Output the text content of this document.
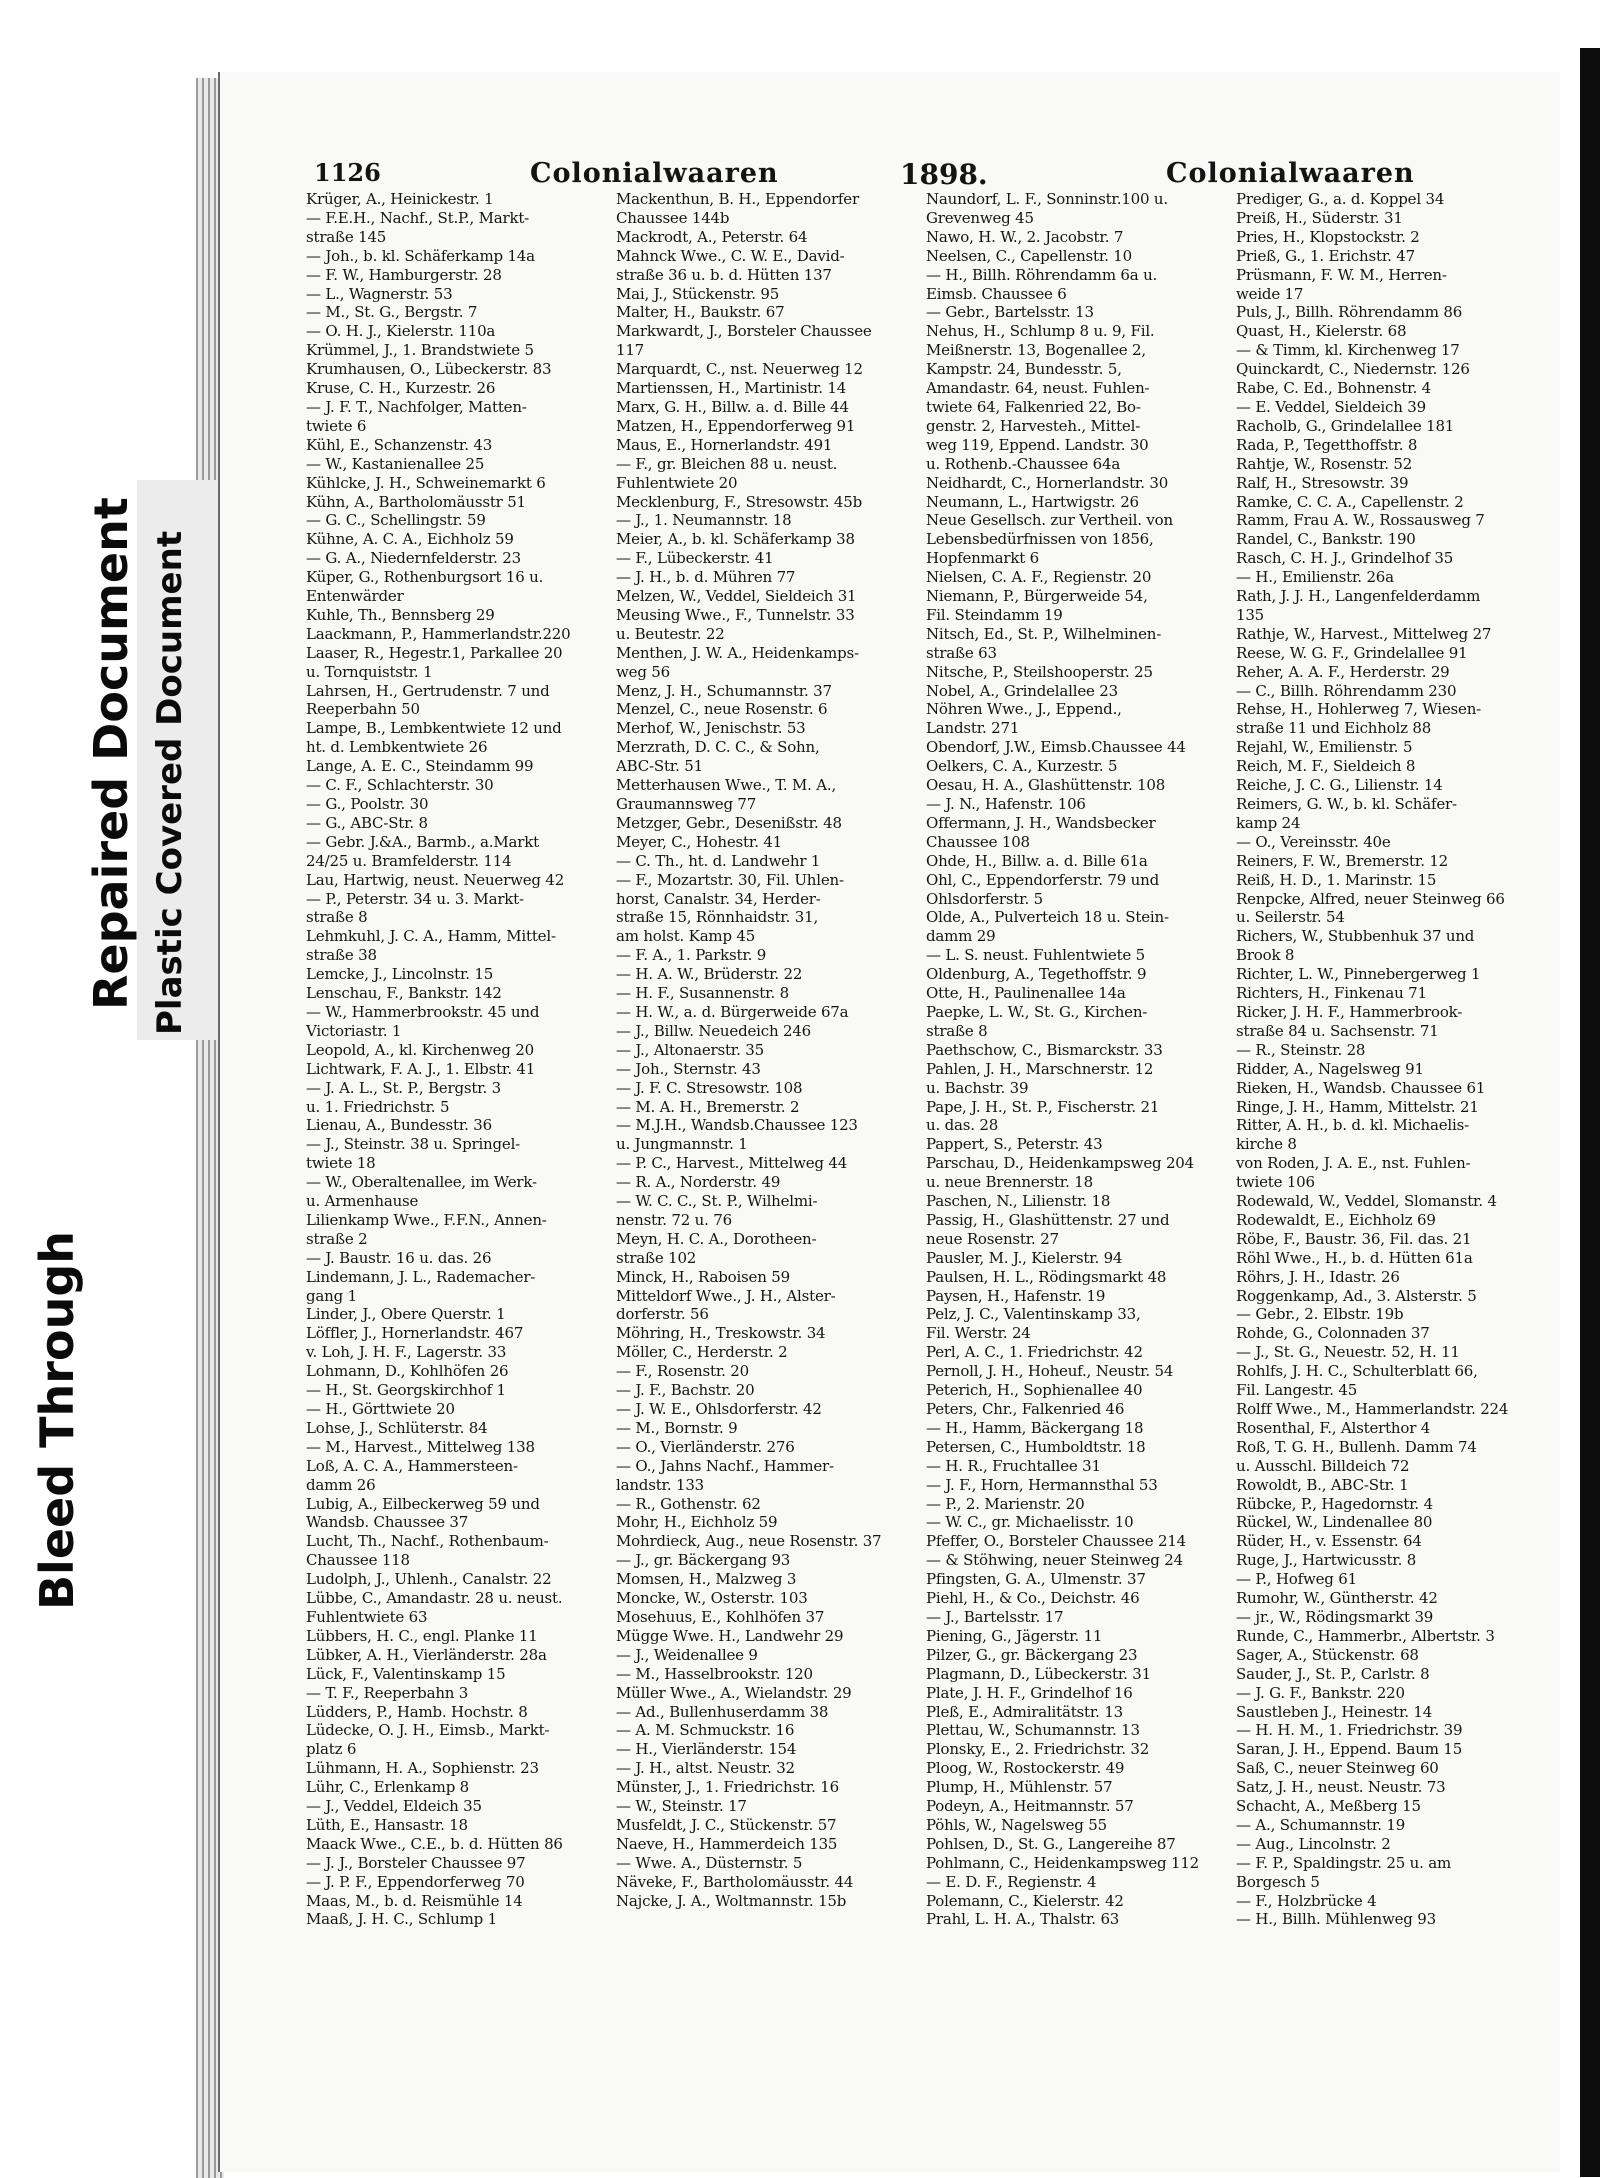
Bleed Through
Repaired Document Plastic Covered Document
1126	Colonialwaaren	1898.	Colonialwaaren
Krüger, A., Heinickestr. 1
— F.E.H., Nachf., St.P., Markt-
straße 145
— Joh., b. kl. Schäferkamp 14a
— F. W., Hamburgerstr. 28
— L., Wagnerstr. 53
— M., St. G., Bergstr. 7
— O. H. J., Kielerstr. 110a
Krümmel, J., 1. Brandstwiete 5
Krumhausen, O., Lübeckerstr. 83
Kruse, C. H., Kurzestr. 26
— J. F. T., Nachfolger, Matten-
twiete 6
Kühl, E., Schanzenstr. 43
— W., Kastanienallee 25
Kühlcke, J. H., Schweinemarkt 6
Kühn, A., Bartholomäusstr 51
— G. C., Schellingstr. 59
Kühne, A. C. A., Eichholz 59
— G. A., Niedernfelderstr. 23
Küper, G., Rothenburgsort 16 u.
Entenwärder
Kuhle, Th., Bennsberg 29
Laackmann, P., Hammerlandstr.220
Laaser, R., Hegestr.1, Parkallee 20
u. Tornquiststr. 1
Lahrsen, H., Gertrudenstr. 7 und
Reeperbahn 50
Lampe, B., Lembkentwiete 12 und
ht. d. Lembkentwiete 26
Lange, A. E. C., Steindamm 99
— C. F., Schlachterstr. 30
— G., Poolstr. 30
— G., ABC-Str. 8
— Gebr. J.&A., Barmb., a.Markt
24/25 u. Bramfelderstr. 114
Lau, Hartwig, neust. Neuerweg 42
— P., Peterstr. 34 u. 3. Markt-
straße 8
Lehmkuhl, J. C. A., Hamm, Mittel-
straße 38
Lemcke, J., Lincolnstr. 15
Lenschau, F., Bankstr. 142
— W., Hammerbrookstr. 45 und
Victoriastr. 1
Leopold, A., kl. Kirchenweg 20
Lichtwark, F. A. J., 1. Elbstr. 41
— J. A. L., St. P., Bergstr. 3
u. 1. Friedrichstr. 5
Lienau, A., Bundesstr. 36
— J., Steinstr. 38 u. Springel-
twiete 18
— W., Oberaltenallee, im Werk-
u. Armenhause
Lilienkamp Wwe., F.F.N., Annen-
straße 2
— J. Baustr. 16 u. das. 26
Lindemann, J. L., Rademacher-
gang 1
Linder, J., Obere Querstr. 1
Löffler, J., Hornerlandstr. 467
v. Loh, J. H. F., Lagerstr. 33
Lohmann, D., Kohlhöfen 26
— H., St. Georgskirchhof 1
— H., Görttwiete 20
Lohse, J., Schlüterstr. 84
— M., Harvest., Mittelweg 138
Loß, A. C. A., Hammersteen-
damm 26
Lubig, A., Eilbeckerweg 59 und
Wandsb. Chaussee 37
Lucht, Th., Nachf., Rothenbaum-
Chaussee 118
Ludolph, J., Uhlenh., Canalstr. 22
Lübbe, C., Amandastr. 28 u. neust.
Fuhlentwiete 63
Lübbers, H. C., engl. Planke 11
Lübker, A. H., Vierländerstr. 28a
Lück, F., Valentinskamp 15
— T. F., Reeperbahn 3
Lüdders, P., Hamb. Hochstr. 8
Lüdecke, O. J. H., Eimsb., Markt-
platz 6
Lühmann, H. A., Sophienstr. 23
Lühr, C., Erlenkamp 8
— J., Veddel, Eldeich 35
Lüth, E., Hansastr. 18
Maack Wwe., C.E., b. d. Hütten 86
— J. J., Borsteler Chaussee 97
— J. P. F., Eppendorferweg 70
Maas, M., b. d. Reismühle 14
Maaß, J. H. C., Schlump 1
Mackenthun, B. H., Eppendorfer
Chaussee 144b
Mackrodt, A., Peterstr. 64
Mahnck Wwe., C. W. E., David-
straße 36 u. b. d. Hütten 137
Mai, J., Stückenstr. 95
Malter, H., Baukstr. 67
Markwardt, J., Borsteler Chaussee
117
Marquardt, C., nst. Neuerweg 12
Martienssen, H., Martinistr. 14
Marx, G. H., Billw. a. d. Bille 44
Matzen, H., Eppendorferweg 91
Maus, E., Hornerlandstr. 491
— F., gr. Bleichen 88 u. neust.
Fuhlentwiete 20
Mecklenburg, F., Stresowstr. 45b
— J., 1. Neumannstr. 18
Meier, A., b. kl. Schäferkamp 38
— F., Lübeckerstr. 41
— J. H., b. d. Mühren 77
Melzen, W., Veddel, Sieldeich 31
Meusing Wwe., F., Tunnelstr. 33
u. Beutestr. 22
Menthen, J. W. A., Heidenkamps-
weg 56
Menz, J. H., Schumannstr. 37
Menzel, C., neue Rosenstr. 6
Merhof, W., Jenischstr. 53
Merzrath, D. C. C., & Sohn,
ABC-Str. 51
Metterhausen Wwe., T. M. A.,
Graumannsweg 77
Metzger, Gebr., Desenißstr. 48
Meyer, C., Hohestr. 41
— C. Th., ht. d. Landwehr 1
— F., Mozartstr. 30, Fil. Uhlen-
horst, Canalstr. 34, Herder-
straße 15, Rönnhaidstr. 31,
am holst. Kamp 45
— F. A., 1. Parkstr. 9
— H. A. W., Brüderstr. 22
— H. F., Susannenstr. 8
— H. W., a. d. Bürgerweide 67a
— J., Billw. Neuedeich 246
— J., Altonaerstr. 35
— Joh., Sternstr. 43
— J. F. C. Stresowstr. 108
— M. A. H., Bremerstr. 2
— M.J.H., Wandsb.Chaussee 123
u. Jungmannstr. 1
— P. C., Harvest., Mittelweg 44
— R. A., Norderstr. 49
— W. C. C., St. P., Wilhelmi-
nenstr. 72 u. 76
Meyn, H. C. A., Dorotheen-
straße 102
Minck, H., Raboisen 59
Mitteldorf Wwe., J. H., Alster-
dorferstr. 56
Möhring, H., Treskowstr. 34
Möller, C., Herderstr. 2
— F., Rosenstr. 20
— J. F., Bachstr. 20
— J. W. E., Ohlsdorferstr. 42
— M., Bornstr. 9
— O., Vierländerstr. 276
— O., Jahns Nachf., Hammer-
landstr. 133
— R., Gothenstr. 62
Mohr, H., Eichholz 59
Mohrdieck, Aug., neue Rosenstr. 37
— J., gr. Bäckergang 93
Momsen, H., Malzweg 3
Moncke, W., Osterstr. 103
Mosehuus, E., Kohlhöfen 37
Mügge Wwe. H., Landwehr 29
— J., Weidenallee 9
— M., Hasselbrookstr. 120
Müller Wwe., A., Wielandstr. 29
— Ad., Bullenhuserdamm 38
— A. M. Schmuckstr. 16
— H., Vierländerstr. 154
— J. H., altst. Neustr. 32
Münster, J., 1. Friedrichstr. 16
— W., Steinstr. 17
Musfeldt, J. C., Stückenstr. 57
Naeve, H., Hammerdeich 135
— Wwe. A., Düsternstr. 5
Näveke, F., Bartholomäusstr. 44
Najcke, J. A., Woltmannstr. 15b
Naundorf, L. F., Sonninstr.100 u.
Grevenweg 45
Nawo, H. W., 2. Jacobstr. 7
Neelsen, C., Capellenstr. 10
— H., Billh. Röhrendamm 6a u.
Eimsb. Chaussee 6
— Gebr., Bartelsstr. 13
Nehus, H., Schlump 8 u. 9, Fil.
Meißnerstr. 13, Bogenallee 2,
Kampstr. 24, Bundesstr. 5,
Amandastr. 64, neust. Fuhlen-
twiete 64, Falkenried 22, Bo-
genstr. 2, Harvesteh., Mittel-
weg 119, Eppend. Landstr. 30
u. Rothenb.-Chaussee 64a
Neidhardt, C., Hornerlandstr. 30
Neumann, L., Hartwigstr. 26
Neue Gesellsch. zur Vertheil. von
Lebensbedürfnissen von 1856,
Hopfenmarkt 6
Nielsen, C. A. F., Regienstr. 20
Niemann, P., Bürgerweide 54,
Fil. Steindamm 19
Nitsch, Ed., St. P., Wilhelminen-
straße 63
Nitsche, P., Steilshooperstr. 25
Nobel, A., Grindelallee 23
Nöhren Wwe., J., Eppend.,
Landstr. 271
Obendorf, J.W., Eimsb.Chaussee 44
Oelkers, C. A., Kurzestr. 5
Oesau, H. A., Glashüttenstr. 108
— J. N., Hafenstr. 106
Offermann, J. H., Wandsbecker
Chaussee 108
Ohde, H., Billw. a. d. Bille 61a
Ohl, C., Eppendorferstr. 79 und
Ohlsdorferstr. 5
Olde, A., Pulverteich 18 u. Stein-
damm 29
— L. S. neust. Fuhlentwiete 5
Oldenburg, A., Tegethoffstr. 9
Otte, H., Paulinenallee 14a
Paepke, L. W., St. G., Kirchen-
straße 8
Paethschow, C., Bismarckstr. 33
Pahlen, J. H., Marschnerstr. 12
u. Bachstr. 39
Pape, J. H., St. P., Fischerstr. 21
u. das. 28
Pappert, S., Peterstr. 43
Parschau, D., Heidenkampsweg 204
u. neue Brennerstr. 18
Paschen, N., Lilienstr. 18
Passig, H., Glashüttenstr. 27 und
neue Rosenstr. 27
Pausler, M. J., Kielerstr. 94
Paulsen, H. L., Rödingsmarkt 48
Paysen, H., Hafenstr. 19
Pelz, J. C., Valentinskamp 33,
Fil. Werstr. 24
Perl, A. C., 1. Friedrichstr. 42
Pernoll, J. H., Hoheuf., Neustr. 54
Peterich, H., Sophienallee 40
Peters, Chr., Falkenried 46
— H., Hamm, Bäckergang 18
Petersen, C., Humboldtstr. 18
— H. R., Fruchtallee 31
— J. F., Horn, Hermannsthal 53
— P., 2. Marienstr. 20
— W. C., gr. Michaelisstr. 10
Pfeffer, O., Borsteler Chaussee 214
— & Stöhwing, neuer Steinweg 24
Pfingsten, G. A., Ulmenstr. 37
Piehl, H., & Co., Deichstr. 46
— J., Bartelsstr. 17
Piening, G., Jägerstr. 11
Pilzer, G., gr. Bäckergang 23
Plagmann, D., Lübeckerstr. 31
Plate, J. H. F., Grindelhof 16
Pleß, E., Admiralitätstr. 13
Plettau, W., Schumannstr. 13
Plonsky, E., 2. Friedrichstr. 32
Ploog, W., Rostockerstr. 49
Plump, H., Mühlenstr. 57
Podeyn, A., Heitmannstr. 57
Pöhls, W., Nagelsweg 55
Pohlsen, D., St. G., Langereihe 87
Pohlmann, C., Heidenkampsweg 112
— E. D. F., Regienstr. 4
Polemann, C., Kielerstr. 42
Prahl, L. H. A., Thalstr. 63
Prediger, G., a. d. Koppel 34
Preiß, H., Süderstr. 31
Pries, H., Klopstockstr. 2
Prieß, G., 1. Erichstr. 47
Prüsmann, F. W. M., Herren-
weide 17
Puls, J., Billh. Röhrendamm 86
Quast, H., Kielerstr. 68
— & Timm, kl. Kirchenweg 17
Quinckardt, C., Niedernstr. 126
Rabe, C. Ed., Bohnenstr. 4
— E. Veddel, Sieldeich 39
Racholb, G., Grindelallee 181
Rada, P., Tegetthoffstr. 8
Rahtje, W., Rosenstr. 52
Ralf, H., Stresowstr. 39
Ramke, C. C. A., Capellenstr. 2
Ramm, Frau A. W., Rossausweg 7
Randel, C., Bankstr. 190
Rasch, C. H. J., Grindelhof 35
— H., Emilienstr. 26a
Rath, J. J. H., Langenfelderdamm
135
Rathje, W., Harvest., Mittelweg 27
Reese, W. G. F., Grindelallee 91
Reher, A. A. F., Herderstr. 29
— C., Billh. Röhrendamm 230
Rehse, H., Hohlerweg 7, Wiesen-
straße 11 und Eichholz 88
Rejahl, W., Emilienstr. 5
Reich, M. F., Sieldeich 8
Reiche, J. C. G., Lilienstr. 14
Reimers, G. W., b. kl. Schäfer-
kamp 24
— O., Vereinsstr. 40e
Reiners, F. W., Bremerstr. 12
Reiß, H. D., 1. Marinstr. 15
Renpcke, Alfred, neuer Steinweg 66
u. Seilerstr. 54
Richers, W., Stubbenhuk 37 und
Brook 8
Richter, L. W., Pinnebergerweg 1
Richters, H., Finkenau 71
Ricker, J. H. F., Hammerbrook-
straße 84 u. Sachsenstr. 71
— R., Steinstr. 28
Ridder, A., Nagelsweg 91
Rieken, H., Wandsb. Chaussee 61
Ringe, J. H., Hamm, Mittelstr. 21
Ritter, A. H., b. d. kl. Michaelis-
kirche 8
von Roden, J. A. E., nst. Fuhlen-
twiete 106
Rodewald, W., Veddel, Slomanstr. 4
Rodewaldt, E., Eichholz 69
Röbe, F., Baustr. 36, Fil. das. 21
Röhl Wwe., H., b. d. Hütten 61a
Röhrs, J. H., Idastr. 26
Roggenkamp, Ad., 3. Alsterstr. 5
— Gebr., 2. Elbstr. 19b
Rohde, G., Colonnaden 37
— J., St. G., Neuestr. 52, H. 11
Rohlfs, J. H. C., Schulterblatt 66,
Fil. Langestr. 45
Rolff Wwe., M., Hammerlandstr. 224
Rosenthal, F., Alsterthor 4
Roß, T. G. H., Bullenh. Damm 74
u. Ausschl. Billdeich 72
Rowoldt, B., ABC-Str. 1
Rübcke, P., Hagedornstr. 4
Rückel, W., Lindenallee 80
Rüder, H., v. Essenstr. 64
Ruge, J., Hartwicusstr. 8
— P., Hofweg 61
Rumohr, W., Güntherstr. 42
— jr., W., Rödingsmarkt 39
Runde, C., Hammerbr., Albertstr. 3
Sager, A., Stückenstr. 68
Sauder, J., St. P., Carlstr. 8
— J. G. F., Bankstr. 220
Saustleben J., Heinestr. 14
— H. H. M., 1. Friedrichstr. 39
Saran, J. H., Eppend. Baum 15
Saß, C., neuer Steinweg 60
Satz, J. H., neust. Neustr. 73
Schacht, A., Meßberg 15
— A., Schumannstr. 19
— Aug., Lincolnstr. 2
— F. P., Spaldingstr. 25 u. am
Borgesch 5
— F., Holzbrücke 4
— H., Billh. Mühlenweg 93
